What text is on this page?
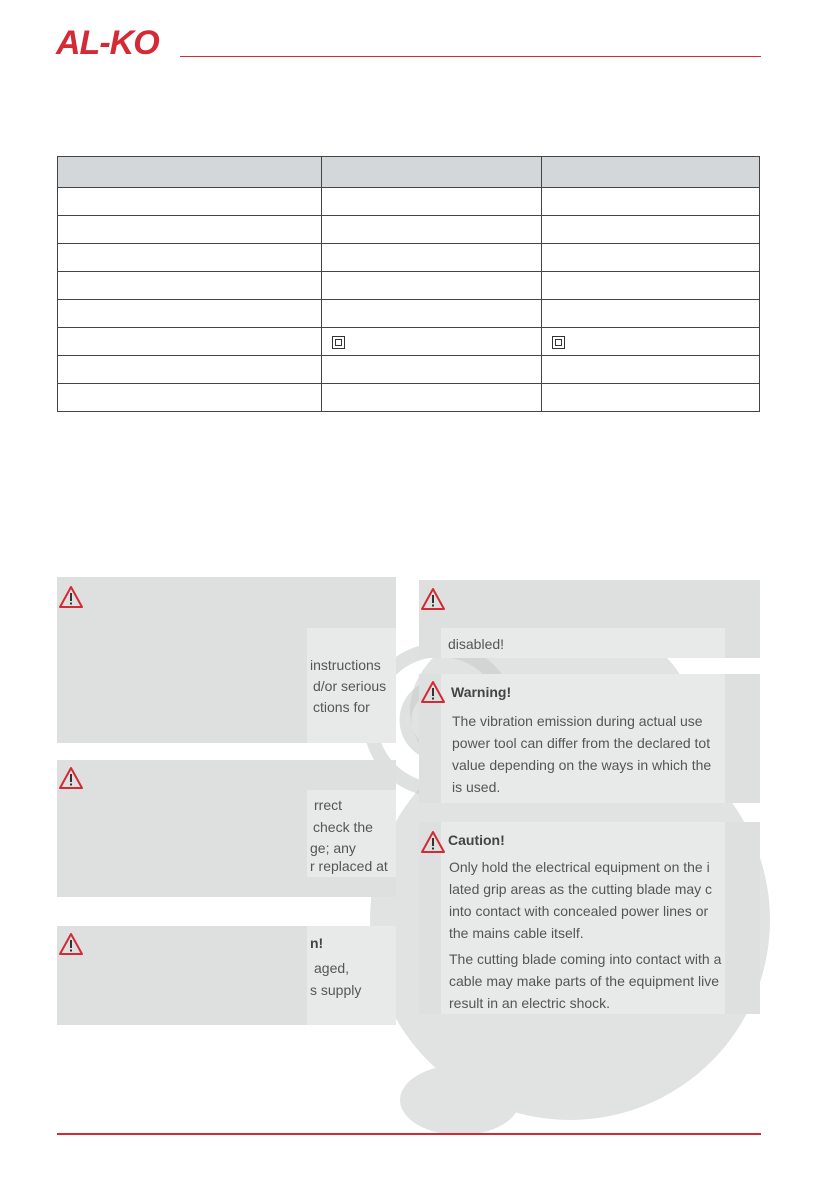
AL-KO

instructions
d/or serious
ctions for
rrect
check the
ge; any
r replaced at
n!
aged,
s supply
disabled!
Warning!
The vibration emission during actual use
power tool can differ from the declared tot
value depending on the ways in which the
is used.
Caution!
Only hold the electrical equipment on the i
lated grip areas as the cutting blade may c
into contact with concealed power lines or
the mains cable itself.
The cutting blade coming into contact with a
cable may make parts of the equipment live
result in an electric shock.
